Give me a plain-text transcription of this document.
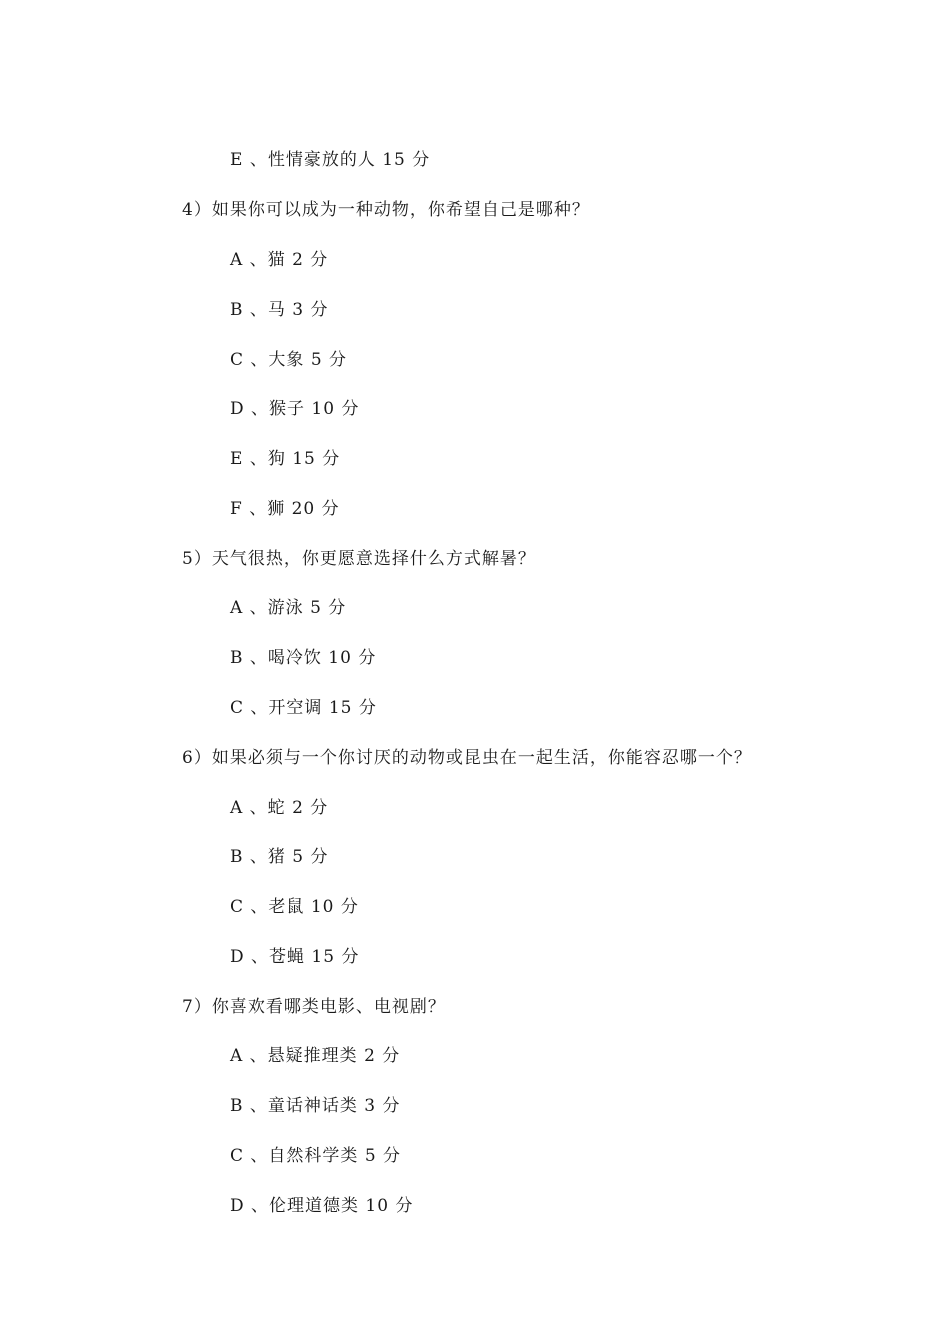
E 、性情豪放的人 15 分
4）如果你可以成为一种动物，你希望自己是哪种？
A 、猫 2 分
B 、马 3 分
C 、大象 5 分
D 、猴子 10 分
E 、狗 15 分
F 、狮 20 分
5）天气很热，你更愿意选择什么方式解暑？
A 、游泳 5 分
B 、喝冷饮 10 分
C 、开空调 15 分
6）如果必须与一个你讨厌的动物或昆虫在一起生活，你能容忍哪一个？
A 、蛇 2 分
B 、猪 5 分
C 、老鼠 10 分
D 、苍蝇 15 分
7）你喜欢看哪类电影、电视剧？
A 、悬疑推理类 2 分
B 、童话神话类 3 分
C 、自然科学类 5 分
D 、伦理道德类 10 分
